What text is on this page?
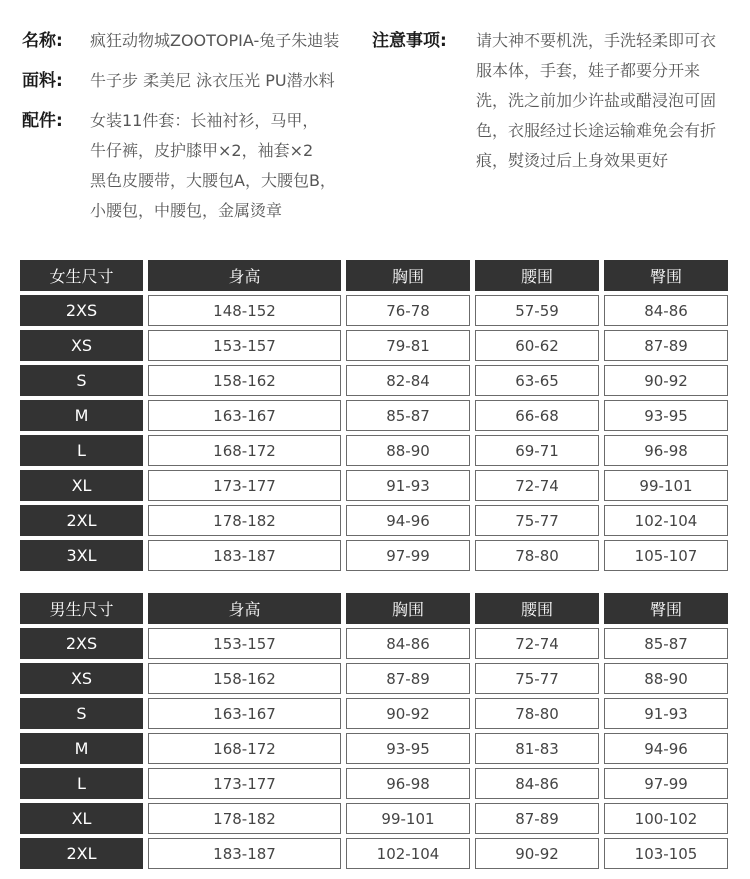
名称:	疯狂动物城ZOOTOPIA-兔子朱迪装
面料:	牛子步 柔美尼 泳衣压光 PU潜水料
配件:	女装11件套：长袖衬衫，马甲，
牛仔裤，皮护膝甲×2，袖套×2
黑色皮腰带，大腰包A，大腰包B，
小腰包，中腰包，金属烫章
注意事项:	请大神不要机洗，手洗轻柔即可衣服本体，手套，娃子都要分开来洗，洗之前加少许盐或醋浸泡可固色，衣服经过长途运输难免会有折痕，熨烫过后上身效果更好
女生尺寸	身高	胸围	腰围	臀围
2XS	148-152	76-78	57-59	84-86
XS	153-157	79-81	60-62	87-89
S	158-162	82-84	63-65	90-92
M	163-167	85-87	66-68	93-95
L	168-172	88-90	69-71	96-98
XL	173-177	91-93	72-74	99-101
2XL	178-182	94-96	75-77	102-104
3XL	183-187	97-99	78-80	105-107
男生尺寸	身高	胸围	腰围	臀围
2XS	153-157	84-86	72-74	85-87
XS	158-162	87-89	75-77	88-90
S	163-167	90-92	78-80	91-93
M	168-172	93-95	81-83	94-96
L	173-177	96-98	84-86	97-99
XL	178-182	99-101	87-89	100-102
2XL	183-187	102-104	90-92	103-105
